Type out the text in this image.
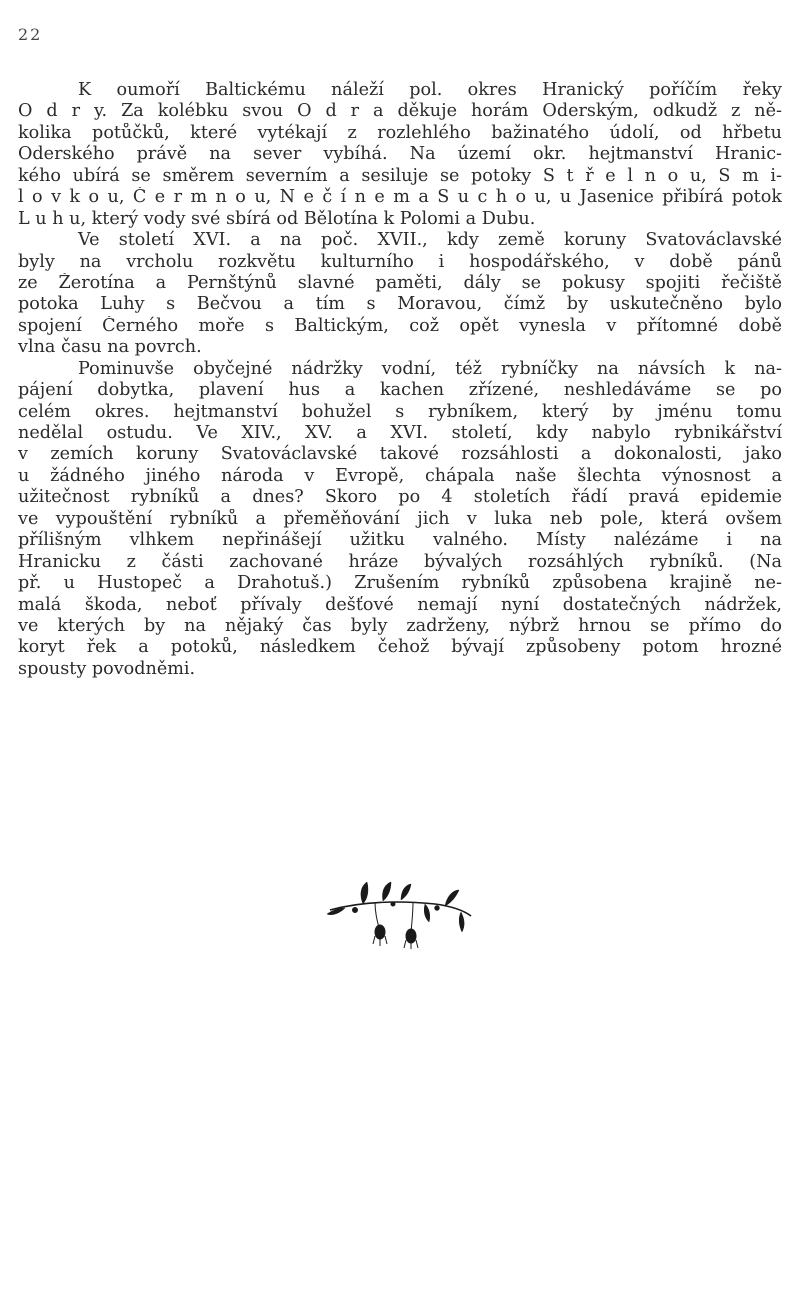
22
K oumoří Baltickému náleží pol. okres Hranický poříčím řeky
O d r y. Za kolébku svou O d r a děkuje horám Oderským, odkudž z ně-
kolika potůčků, které vytékají z rozlehlého bažinatého údolí, od hřbetu
Oderského právě na sever vybíhá. Na území okr. hejtmanství Hranic-
kého ubírá se směrem severním a sesiluje se potoky S t ř e l n o u, S m i-
l o v k o u, Č e r m n o u, N e č í n e m a S u c h o u, u Jasenice přibírá potok
L u h u, který vody své sbírá od Bělotína k Polomi a Dubu.
Ve století XVI. a na poč. XVII., kdy země koruny Svatováclavské
byly na vrcholu rozkvětu kulturního i hospodářského, v době pánů
ze Žerotína a Pernštýnů slavné paměti, dály se pokusy spojiti řečiště
potoka Luhy s Bečvou a tím s Moravou, čímž by uskutečněno bylo
spojení Černého moře s Baltickým, což opět vynesla v přítomné době
vlna času na povrch.
Pominuvše obyčejné nádržky vodní, též rybníčky na návsích k na-
pájení dobytka, plavení hus a kachen zřízené, neshledáváme se po
celém okres. hejtmanství bohužel s rybníkem, který by jménu tomu
nedělal ostudu. Ve XIV., XV. a XVI. století, kdy nabylo rybnikářství
v zemích koruny Svatováclavské takové rozsáhlosti a dokonalosti, jako
u žádného jiného národa v Evropě, chápala naše šlechta výnosnost a
užitečnost rybníků a dnes? Skoro po 4 stoletích řádí pravá epidemie
ve vypouštění rybníků a přeměňování jich v luka neb pole, která ovšem
přílišným vlhkem nepřinášejí užitku valného. Místy nalézáme i na
Hranicku z části zachované hráze bývalých rozsáhlých rybníků. (Na
př. u Hustopeč a Drahotuš.) Zrušením rybníků způsobena krajině ne-
malá škoda, neboť přívaly dešťové nemají nyní dostatečných nádržek,
ve kterých by na nějaký čas byly zadrženy, nýbrž hrnou se přímo do
koryt řek a potoků, následkem čehož bývají způsobeny potom hrozné
spousty povodněmi.
